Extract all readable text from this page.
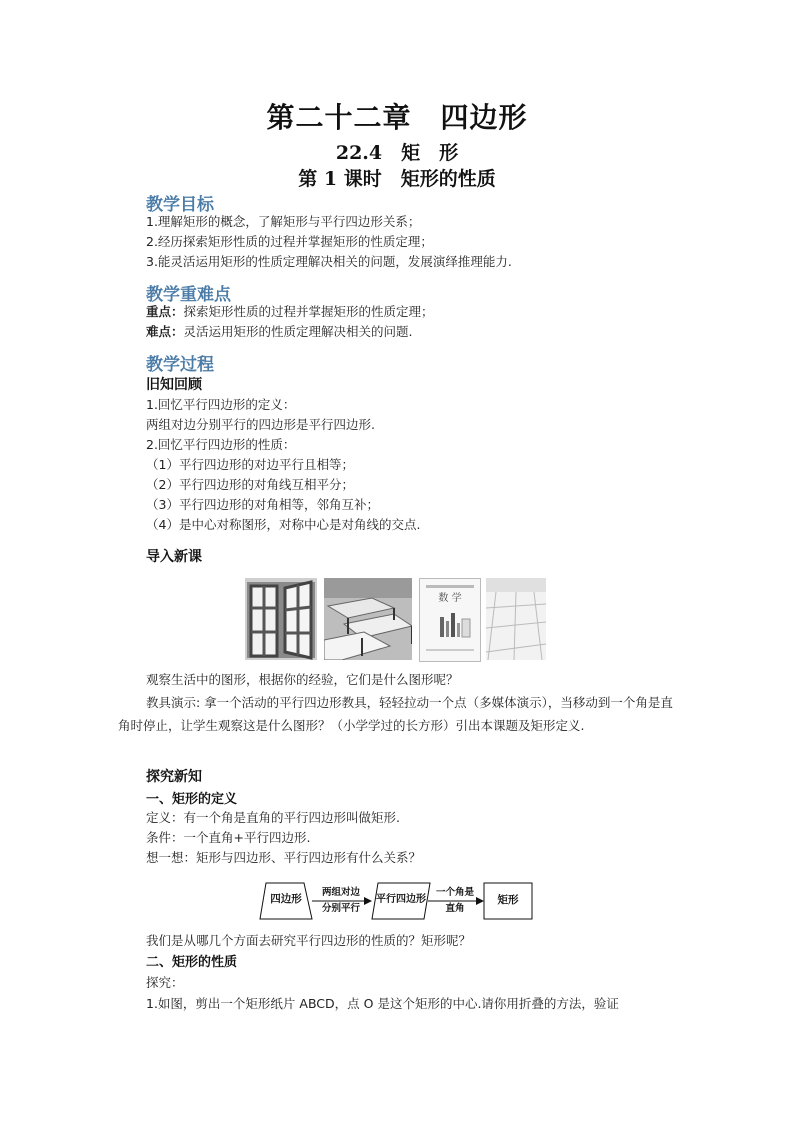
第二十二章　四边形
22.4　矩　形
第 1 课时　矩形的性质
教学目标
1.理解矩形的概念，了解矩形与平行四边形关系；
2.经历探索矩形性质的过程并掌握矩形的性质定理；
3.能灵活运用矩形的性质定理解决相关的问题，发展演绎推理能力.
教学重难点
重点：探索矩形性质的过程并掌握矩形的性质定理；
难点：灵活运用矩形的性质定理解决相关的问题.
教学过程
旧知回顾
1.回忆平行四边形的定义：
两组对边分别平行的四边形是平行四边形.
2.回忆平行四边形的性质：
（1）平行四边形的对边平行且相等；
（2）平行四边形的对角线互相平分；
（3）平行四边形的对角相等，邻角互补；
（4）是中心对称图形，对称中心是对角线的交点.
导入新课
数 学
观察生活中的图形，根据你的经验，它们是什么图形呢？
教具演示: 拿一个活动的平行四边形教具，轻轻拉动一个点（多媒体演示），当移动到一个角是直角时停止，让学生观察这是什么图形？（小学学过的长方形）引出本课题及矩形定义.
探究新知
一、矩形的定义
定义：有一个角是直角的平行四边形叫做矩形.
条件：一个直角+平行四边形.
想一想：矩形与四边形、平行四边形有什么关系？
四边形
两组对边
分别平行
平行四边形
一个角是
直角
矩形
我们是从哪几个方面去研究平行四边形的性质的？矩形呢？
二、矩形的性质
探究：
1.如图，剪出一个矩形纸片 ABCD，点 O 是这个矩形的中心.请你用折叠的方法，验证
